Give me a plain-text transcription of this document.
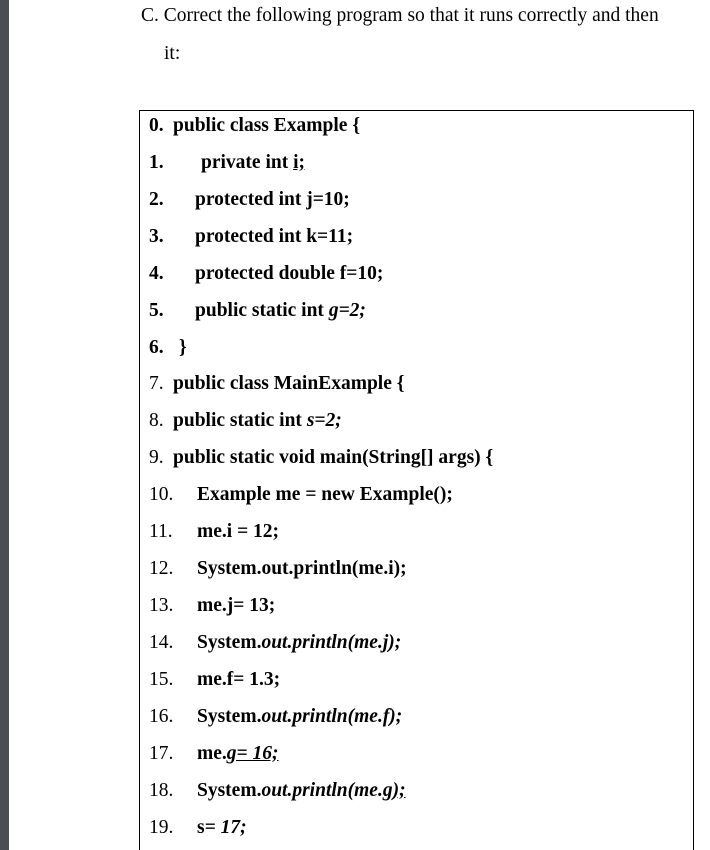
C. Correct the following program so that it runs correctly and then
it:
0. public class Example {
1. private int i;
2. protected int j=10;
3. protected int k=11;
4. protected double f=10;
5. public static int g=2;
6. }
7. public class MainExample {
8. public static int s=2;
9. public static void main(String[] args) {
10. Example me = new Example();
11. me.i = 12;
12. System.out.println(me.i);
13. me.j= 13;
14. System.out.println(me.j);
15. me.f= 1.3;
16. System.out.println(me.f);
17. me.g= 16;
18. System.out.println(me.g);
19. s= 17;
